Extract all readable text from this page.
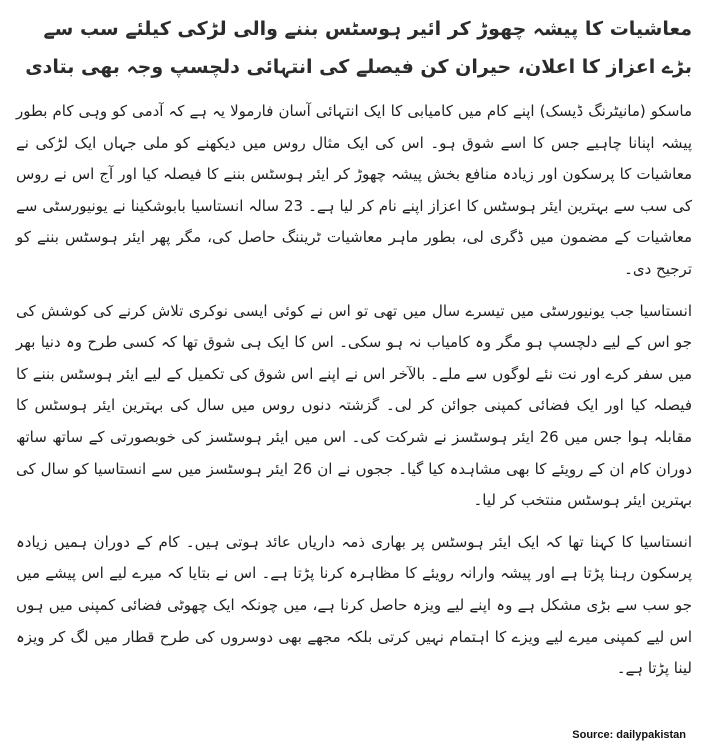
معاشیات کا پیشہ چھوڑ کر ائیر ہوسٹس بننے والی لڑکی کیلئے سب سے بڑے اعزاز کا اعلان، حیران کن فیصلے کی انتہائی دلچسپ وجہ بھی بتادی

ماسکو (مانیٹرنگ ڈیسک) اپنے کام میں کامیابی کا ایک انتہائی آسان فارمولا یہ ہے کہ آدمی کو وہی کام بطور پیشہ اپنانا چاہیے جس کا اسے شوق ہو۔ اس کی ایک مثال روس میں دیکھنے کو ملی جہاں ایک لڑکی نے معاشیات کا پرسکون اور زیادہ منافع بخش پیشہ چھوڑ کر ایئر ہوسٹس بننے کا فیصلہ کیا اور آج اس نے روس کی سب سے بہترین ایئر ہوسٹس کا اعزاز اپنے نام کر لیا ہے۔ 23 سالہ انستاسیا بابوشکینا نے یونیورسٹی سے معاشیات کے مضمون میں ڈگری لی، بطور ماہر معاشیات ٹریننگ حاصل کی، مگر پھر ایئر ہوسٹس بننے کو ترجیح دی۔

انستاسیا جب یونیورسٹی میں تیسرے سال میں تھی تو اس نے کوئی ایسی نوکری تلاش کرنے کی کوشش کی جو اس کے لیے دلچسپ ہو مگر وہ کامیاب نہ ہو سکی۔ اس کا ایک ہی شوق تھا کہ کسی طرح وہ دنیا بھر میں سفر کرے اور نت نئے لوگوں سے ملے۔ بالآخر اس نے اپنے اس شوق کی تکمیل کے لیے ایئر ہوسٹس بننے کا فیصلہ کیا اور ایک فضائی کمپنی جوائن کر لی۔ گزشتہ دنوں روس میں سال کی بہترین ایئر ہوسٹس کا مقابلہ ہوا جس میں 26 ایئر ہوسٹسز نے شرکت کی۔ اس میں ایئر ہوسٹسز کی خوبصورتی کے ساتھ ساتھ دوران کام ان کے رویئے کا بھی مشاہدہ کیا گیا۔ ججوں نے ان 26 ایئر ہوسٹسز میں سے انستاسیا کو سال کی بہترین ایئر ہوسٹس منتخب کر لیا۔

انستاسیا کا کہنا تھا کہ ایک ایئر ہوسٹس پر بھاری ذمہ داریاں عائد ہوتی ہیں۔ کام کے دوران ہمیں زیادہ پرسکون رہنا پڑتا ہے اور پیشہ وارانہ رویئے کا مظاہرہ کرنا پڑتا ہے۔ اس نے بتایا کہ میرے لیے اس پیشے میں جو سب سے بڑی مشکل ہے وہ اپنے لیے ویزہ حاصل کرنا ہے، میں چونکہ ایک چھوٹی فضائی کمپنی میں ہوں اس لیے کمپنی میرے لیے ویزے کا اہتمام نہیں کرتی بلکہ مجھے بھی دوسروں کی طرح قطار میں لگ کر ویزہ لینا پڑتا ہے۔

Source: dailypakistan
